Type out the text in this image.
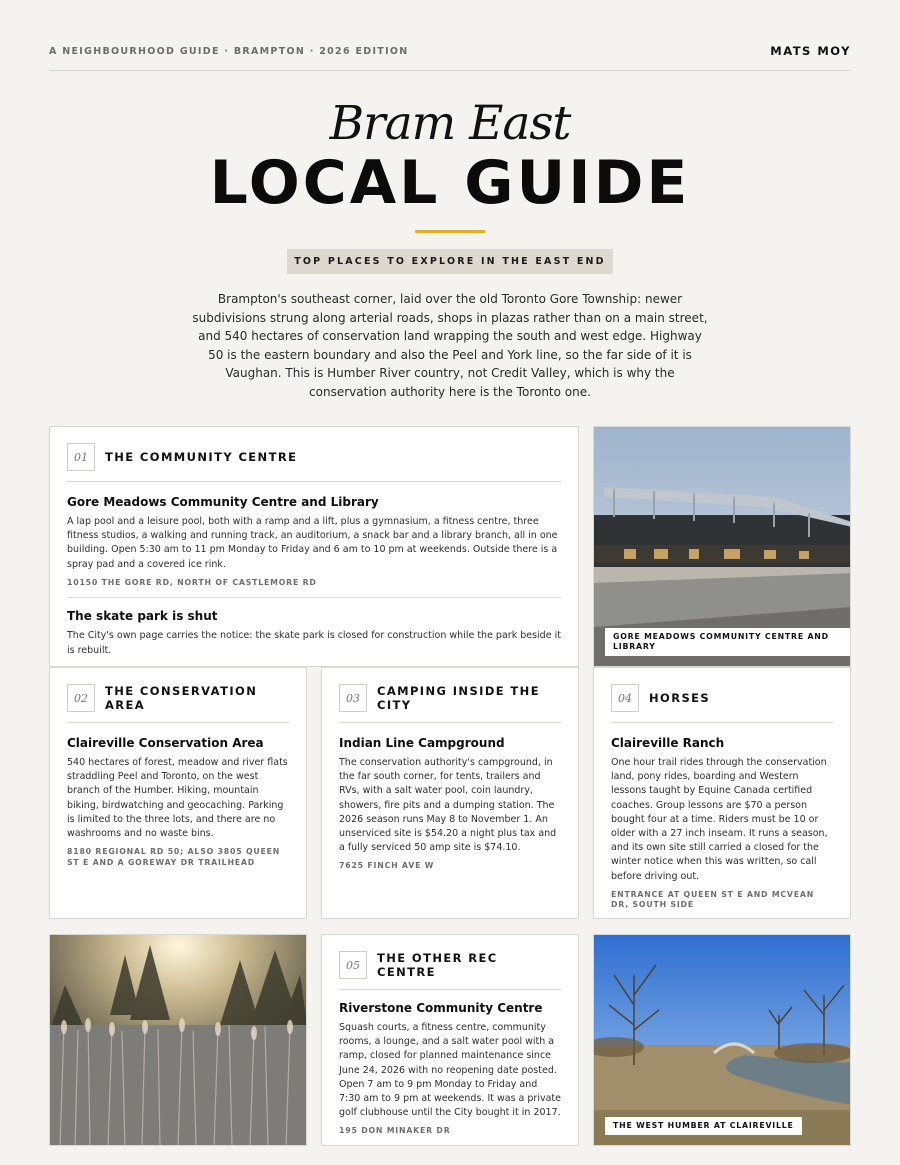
A NEIGHBOURHOOD GUIDE · BRAMPTON · 2026 EDITION	MATS MOY
Bram East
LOCAL GUIDE
TOP PLACES TO EXPLORE IN THE EAST END
Brampton's southeast corner, laid over the old Toronto Gore Township: newer subdivisions strung along arterial roads, shops in plazas rather than on a main street, and 540 hectares of conservation land wrapping the south and west edge. Highway 50 is the eastern boundary and also the Peel and York line, so the far side of it is Vaughan. This is Humber River country, not Credit Valley, which is why the conservation authority here is the Toronto one.
01	THE COMMUNITY CENTRE
Gore Meadows Community Centre and Library
A lap pool and a leisure pool, both with a ramp and a lift, plus a gymnasium, a fitness centre, three fitness studios, a walking and running track, an auditorium, a snack bar and a library branch, all in one building. Open 5:30 am to 11 pm Monday to Friday and 6 am to 10 pm at weekends. Outside there is a spray pad and a covered ice rink.
10150 THE GORE RD, NORTH OF CASTLEMORE RD
The skate park is shut
The City's own page carries the notice: the skate park is closed for construction while the park beside it is rebuilt.
GORE MEADOWS COMMUNITY CENTRE AND LIBRARY
02
THE CONSERVATION AREA
Claireville Conservation Area
540 hectares of forest, meadow and river flats straddling Peel and Toronto, on the west branch of the Humber. Hiking, mountain biking, birdwatching and geocaching. Parking is limited to the three lots, and there are no washrooms and no waste bins.
8180 REGIONAL RD 50; ALSO 3805 QUEEN ST E AND A GOREWAY DR TRAILHEAD
03
CAMPING INSIDE THE CITY
Indian Line Campground
The conservation authority's campground, in the far south corner, for tents, trailers and RVs, with a salt water pool, coin laundry, showers, fire pits and a dumping station. The 2026 season runs May 8 to November 1. An unserviced site is $54.20 a night plus tax and a fully serviced 50 amp site is $74.10.
7625 FINCH AVE W
04	HORSES
Claireville Ranch
One hour trail rides through the conservation land, pony rides, boarding and Western lessons taught by Equine Canada certified coaches. Group lessons are $70 a person bought four at a time. Riders must be 10 or older with a 27 inch inseam. It runs a season, and its own site still carried a closed for the winter notice when this was written, so call before driving out.
ENTRANCE AT QUEEN ST E AND MCVEAN DR, SOUTH SIDE
05
THE OTHER REC CENTRE
Riverstone Community Centre
Squash courts, a fitness centre, community rooms, a lounge, and a salt water pool with a ramp, closed for planned maintenance since June 24, 2026 with no reopening date posted. Open 7 am to 9 pm Monday to Friday and 7:30 am to 9 pm at weekends. It was a private golf clubhouse until the City bought it in 2017.
195 DON MINAKER DR
THE WEST HUMBER AT CLAIREVILLE
